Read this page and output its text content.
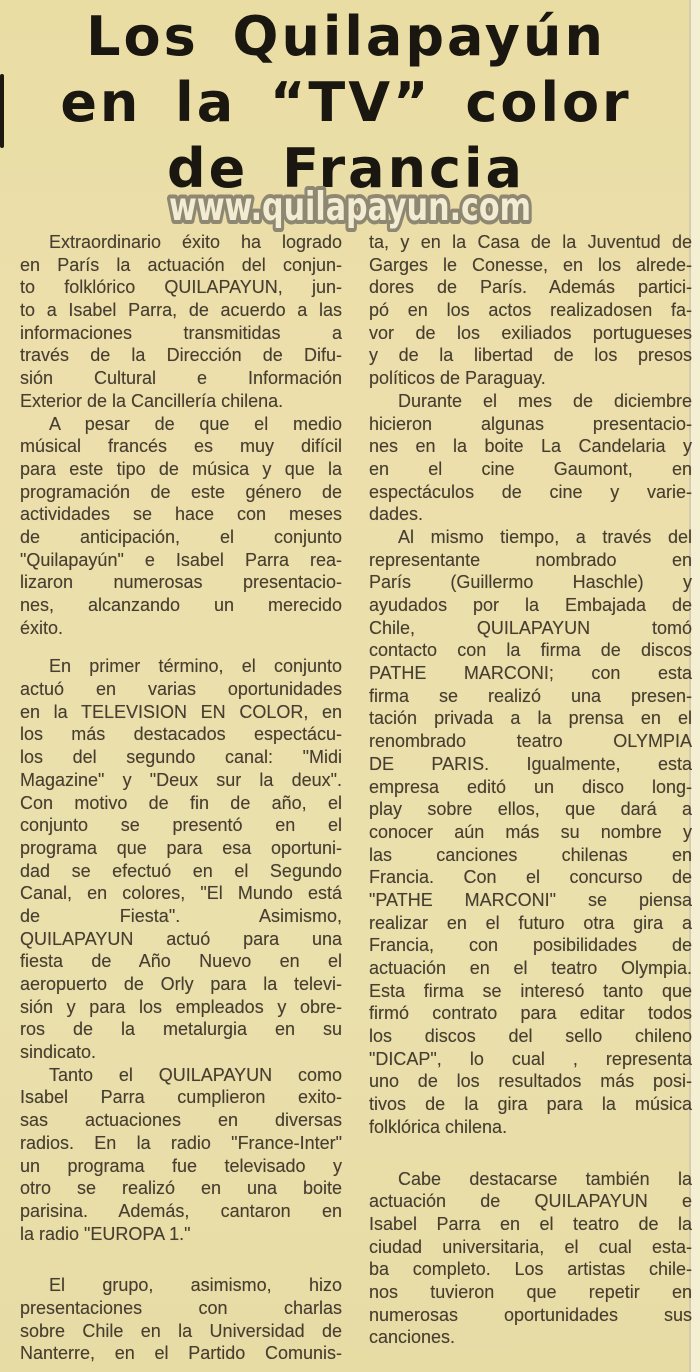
Los Quilapayún
en la “TV” color
de Francia
www.quilapayun.com
Extraordinario éxito ha logrado
en París la actuación del conjun-
to folklórico QUILAPAYUN, jun-
to a Isabel Parra, de acuerdo a las
informaciones transmitidas a
través de la Dirección de Difu-
sión Cultural e Información
Exterior de la Cancillería chilena.
A pesar de que el medio
músical francés es muy difícil
para este tipo de música y que la
programación de este género de
actividades se hace con meses
de anticipación, el conjunto
"Quilapayún" e Isabel Parra rea-
lizaron numerosas presentacio-
nes, alcanzando un merecido
éxito.
En primer término, el conjunto
actuó en varias oportunidades
en la TELEVISION EN COLOR, en
los más destacados espectácu-
los del segundo canal: "Midi
Magazine" y "Deux sur la deux".
Con motivo de fin de año, el
conjunto se presentó en el
programa que para esa oportuni-
dad se efectuó en el Segundo
Canal, en colores, "El Mundo está
de Fiesta". Asimismo,
QUILAPAYUN actuó para una
fiesta de Año Nuevo en el
aeropuerto de Orly para la televi-
sión y para los empleados y obre-
ros de la metalurgia en su
sindicato.
Tanto el QUILAPAYUN como
Isabel Parra cumplieron exito-
sas actuaciones en diversas
radios. En la radio "France-Inter"
un programa fue televisado y
otro se realizó en una boite
parisina. Además, cantaron en
la radio "EUROPA 1."
El grupo, asimismo, hizo
presentaciones con charlas
sobre Chile en la Universidad de
Nanterre, en el Partido Comunis-
ta, y en la Casa de la Juventud de
Garges le Conesse, en los alrede-
dores de París. Además partici-
pó en los actos realizadosen fa-
vor de los exiliados portugueses
y de la libertad de los presos
políticos de Paraguay.
Durante el mes de diciembre
hicieron algunas presentacio-
nes en la boite La Candelaria y
en el cine Gaumont, en
espectáculos de cine y varie-
dades.
Al mismo tiempo, a través del
representante nombrado en
París (Guillermo Haschle) y
ayudados por la Embajada de
Chile, QUILAPAYUN tomó
contacto con la firma de discos
PATHE MARCONI; con esta
firma se realizó una presen-
tación privada a la prensa en el
renombrado teatro OLYMPIA
DE PARIS. Igualmente, esta
empresa editó un disco long-
play sobre ellos, que dará a
conocer aún más su nombre y
las canciones chilenas en
Francia. Con el concurso de
"PATHE MARCONI" se piensa
realizar en el futuro otra gira a
Francia, con posibilidades de
actuación en el teatro Olympia.
Esta firma se interesó tanto que
firmó contrato para editar todos
los discos del sello chileno
"DICAP", lo cual , representa
uno de los resultados más posi-
tivos de la gira para la música
folklórica chilena.
Cabe destacarse también la
actuación de QUILAPAYUN e
Isabel Parra en el teatro de la
ciudad universitaria, el cual esta-
ba completo. Los artistas chile-
nos tuvieron que repetir en
numerosas oportunidades sus
canciones.
